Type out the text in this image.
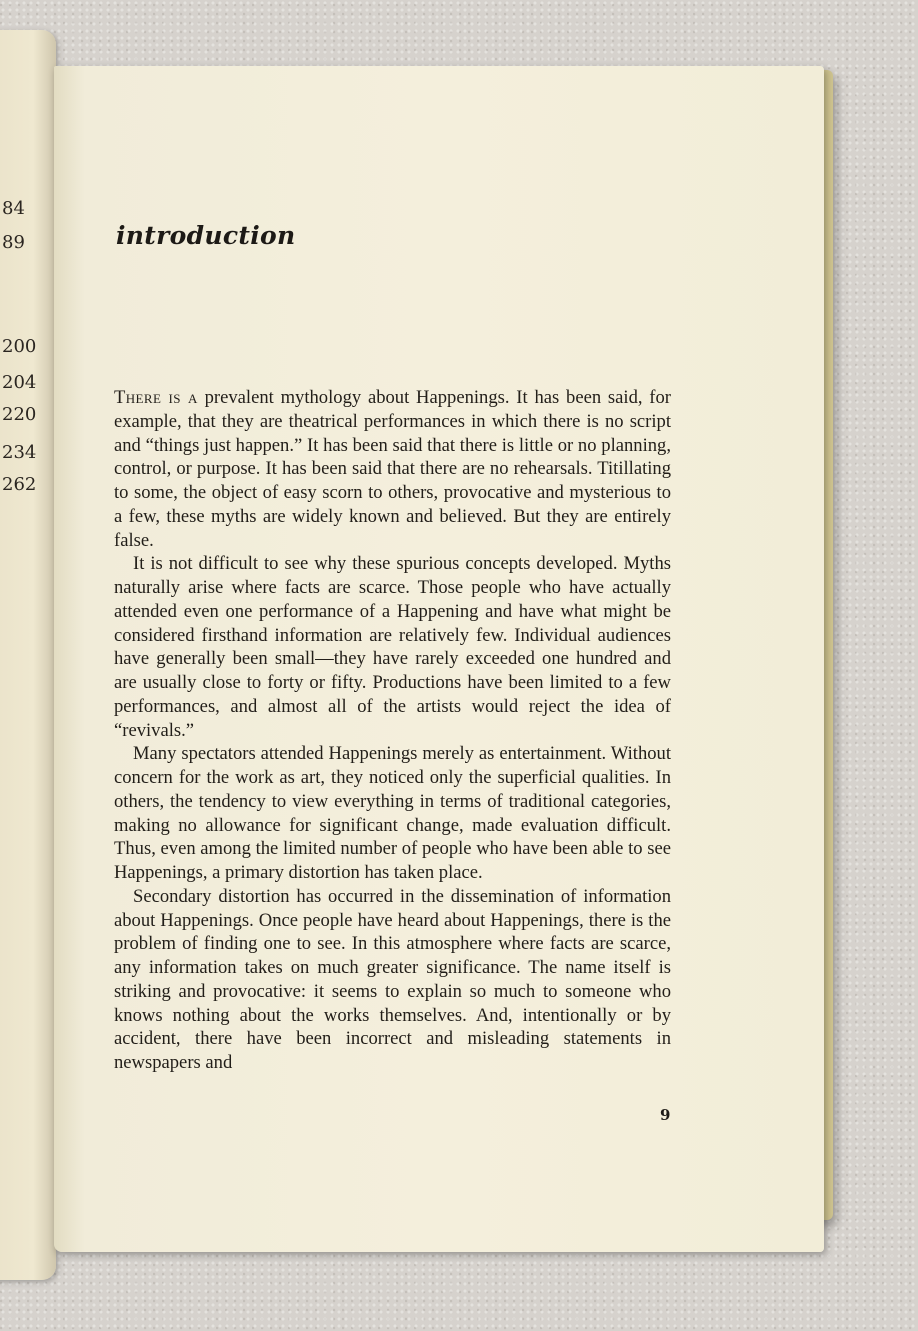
84
89
200
204
220
234
262
introduction

There is a prevalent mythology about Happenings. It has been said, for example, that they are theatrical performances in which there is no script and “things just happen.” It has been said that there is little or no planning, control, or purpose. It has been said that there are no rehearsals. Titillating to some, the object of easy scorn to others, provocative and mysterious to a few, these myths are widely known and believed. But they are entirely false.

It is not difficult to see why these spurious concepts developed. Myths naturally arise where facts are scarce. Those people who have actually attended even one performance of a Happening and have what might be considered firsthand information are relatively few. Individual audiences have generally been small—they have rarely exceeded one hundred and are usually close to forty or fifty. Productions have been limited to a few performances, and almost all of the artists would reject the idea of “revivals.”

Many spectators attended Happenings merely as entertainment. Without concern for the work as art, they noticed only the superficial qualities. In others, the tendency to view everything in terms of traditional categories, making no allowance for significant change, made evaluation difficult. Thus, even among the limited number of people who have been able to see Happenings, a primary distortion has taken place.

Secondary distortion has occurred in the dissemination of information about Happenings. Once people have heard about Happenings, there is the problem of finding one to see. In this atmosphere where facts are scarce, any information takes on much greater significance. The name itself is striking and provocative: it seems to explain so much to someone who knows nothing about the works themselves. And, intentionally or by accident, there have been incorrect and misleading statements in newspapers and

9
